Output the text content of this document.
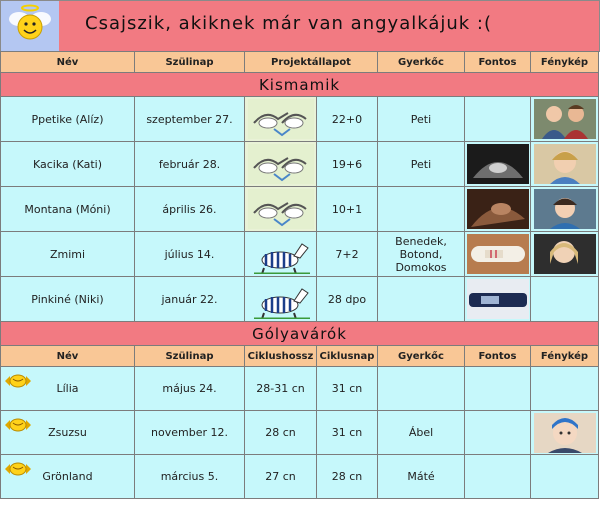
Csajszik, akiknek már van angyalkájuk :(
Név	Szülinap	Projektállapot		Gyerkőc	Fontos	Fénykép
Kismamik						
Ppetike (Alíz)	szeptember 27.		22+0	Peti		

Kacika (Kati)	február 28.		19+6	Peti	

Montana (Móni)	április 26.		10+1		

Zmimi	július 14.		7+2	Benedek, Botond, Domokos	

Pinkiné (Niki)	január 22.		28 dpo		

Gólyavárók						
Név	Szülinap	Ciklushossz	Ciklusnap	Gyerkőc	Fontos	Fénykép

Lília	május 24.	28-31 cn	31 cn			

Zsuzsu	november 12.	28 cn	31 cn	Ábel		

Grönland	március 5.	27 cn	28 cn	Máté		
